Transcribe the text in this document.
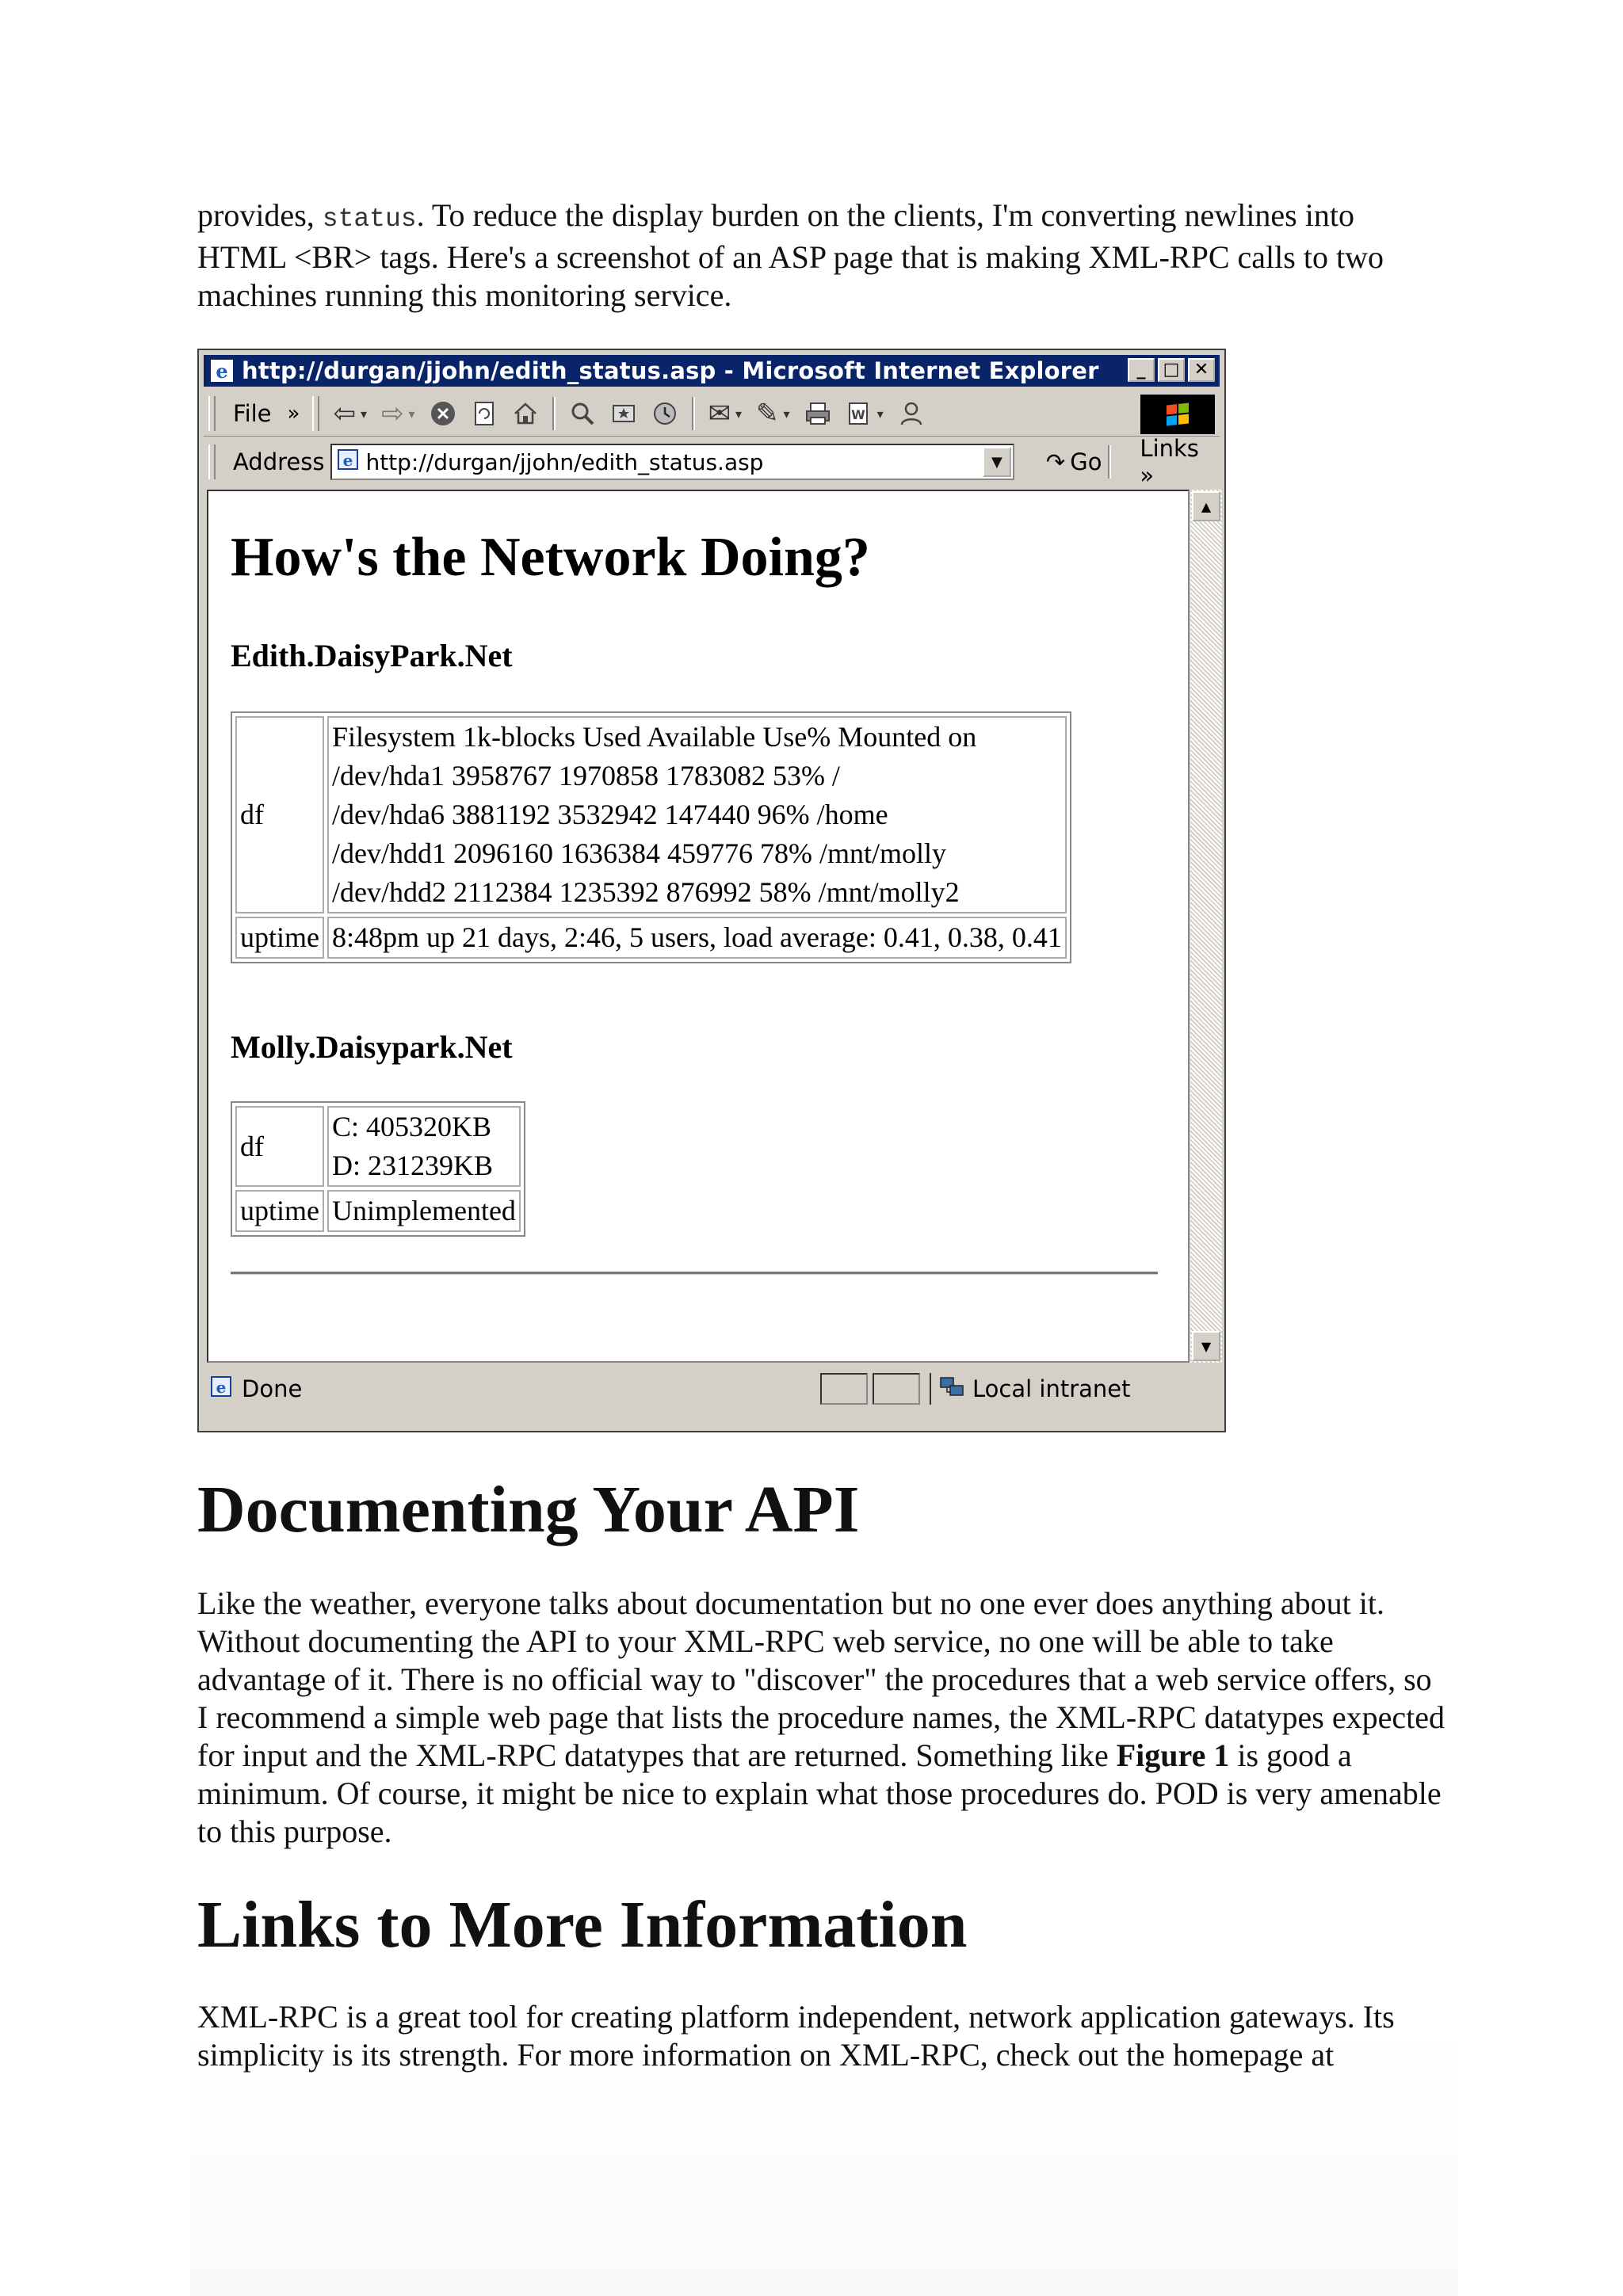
provides, status. To reduce the display burden on the clients, I'm converting newlines into HTML <BR> tags. Here's a screenshot of an ASP page that is making XML-RPC calls to two machines running this monitoring service.

e http://durgan/jjohn/edith_status.asp - Microsoft Internet Explorer	_	□ ✕
File » ⇦ ▾ ⇨ ▾	✉ ▾ ✎ ▾	W ▾
Address e http://durgan/jjohn/edith_status.asp	▼	↷ Go Links »
How's the Network Doing?
Edith.DaisyPark.Net
df	Filesystem 1k-blocks Used Available Use% Mounted on
/dev/hda1 3958767 1970858 1783082 53% /
/dev/hda6 3881192 3532942 147440 96% /home
/dev/hdd1 2096160 1636384 459776 78% /mnt/molly
/dev/hdd2 2112384 1235392 876992 58% /mnt/molly2

uptime	8:48pm up 21 days, 2:46, 5 users, load average: 0.41, 0.38, 0.41
Molly.Daisypark.Net
df	C: 405320KB
D: 231239KB

uptime	Unimplemented
▲
▼
e Done	Local intranet
Documenting Your API

Like the weather, everyone talks about documentation but no one ever does anything about it. Without documenting the API to your XML-RPC web service, no one will be able to take advantage of it. There is no official way to "discover" the procedures that a web service offers, so I recommend a simple web page that lists the procedure names, the XML-RPC datatypes expected for input and the XML-RPC datatypes that are returned. Something like Figure 1 is good a minimum. Of course, it might be nice to explain what those procedures do. POD is very amenable to this purpose.

Links to More Information

XML-RPC is a great tool for creating platform independent, network application gateways. Its simplicity is its strength. For more information on XML-RPC, check out the homepage at
